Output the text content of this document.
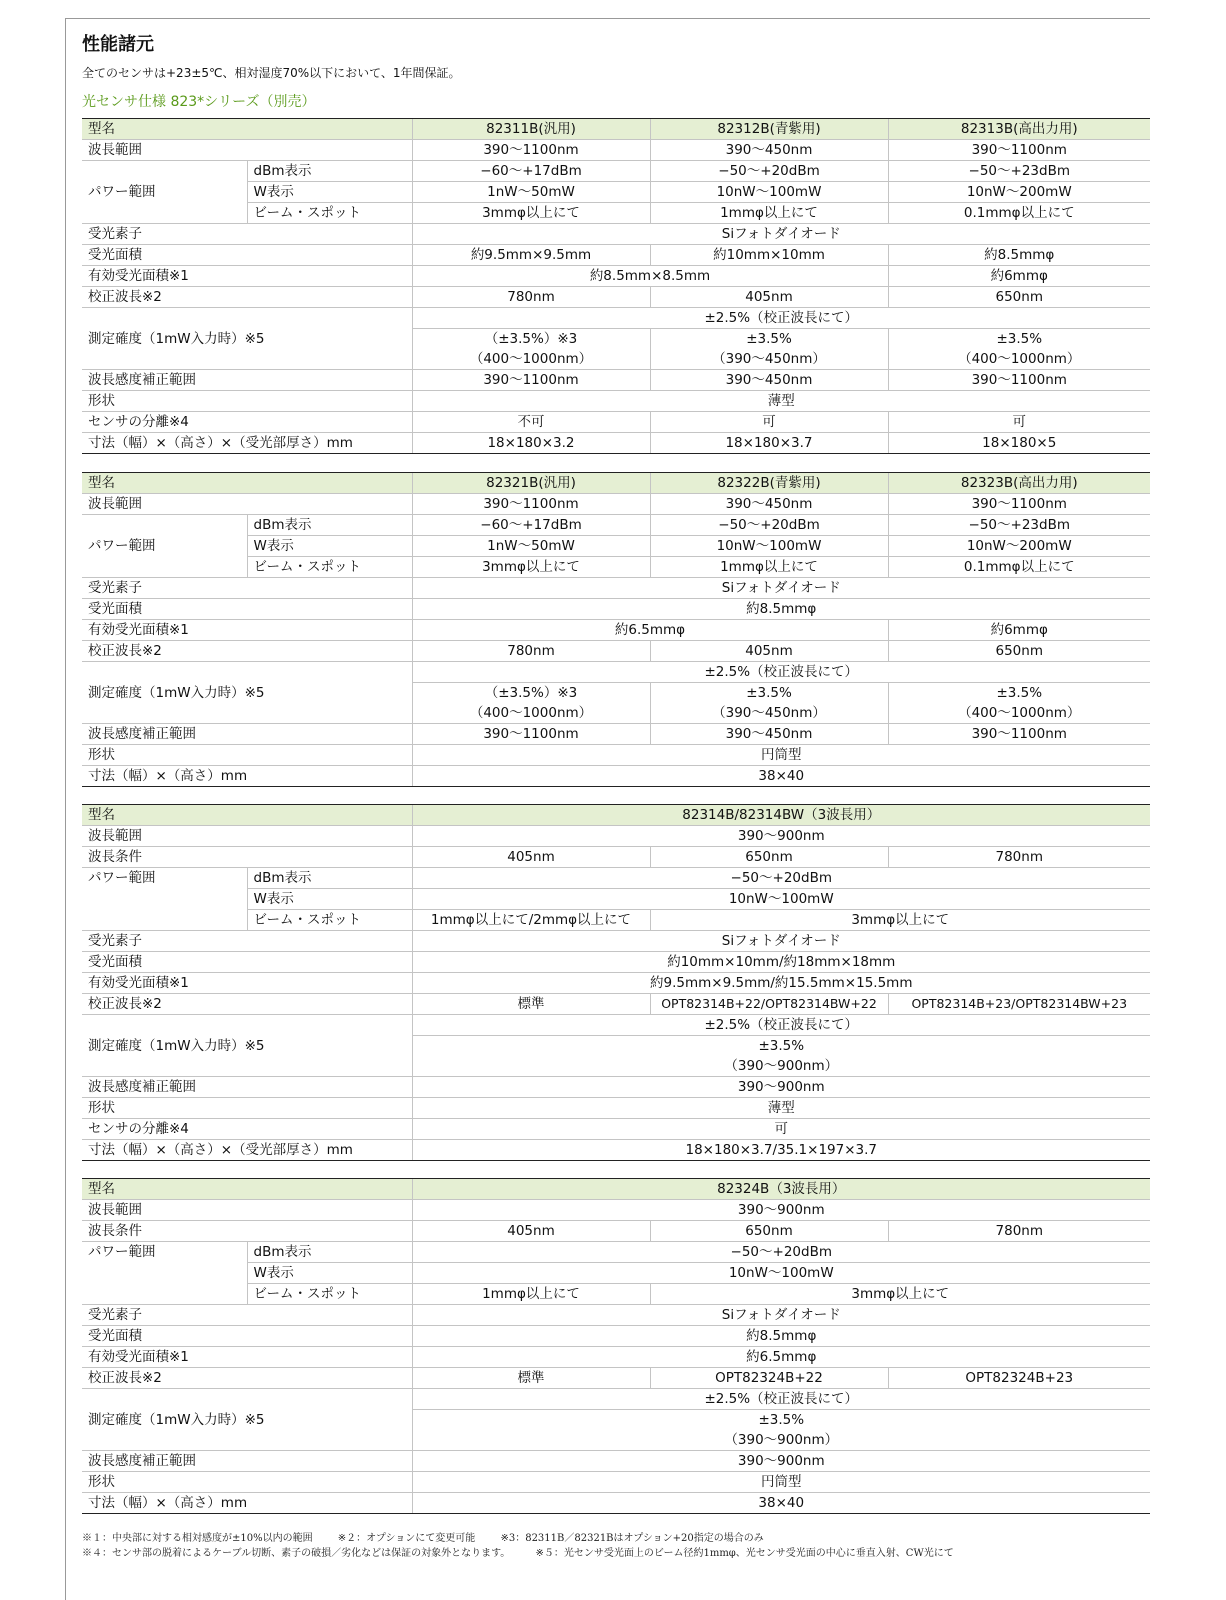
性能諸元

全てのセンサは+23±5℃、相対湿度70%以下において、1年間保証。

光センサ仕様 823*シリーズ（別売）

型名		82311B(汎用)	82312B(青紫用)	82313B(高出力用)
波長範囲		390〜1100nm	390〜450nm	390〜1100nm
パワー範囲	dBm表示	−60〜+17dBm	−50〜+20dBm	−50〜+23dBm
	W表示	1nW〜50mW	10nW〜100mW	10nW〜200mW
	ビーム・スポット	3mmφ以上にて	1mmφ以上にて	0.1mmφ以上にて
受光素子		Siフォトダイオード		
受光面積		約9.5mm×9.5mm	約10mm×10mm	約8.5mmφ
有効受光面積※1		約8.5mm×8.5mm		約6mmφ
校正波長※2		780nm	405nm	650nm
測定確度（1mW入力時）※5		±2.5%（校正波長にて）		
		（±3.5%）※3	±3.5%	±3.5%
		（400〜1000nm）	（390〜450nm）	（400〜1000nm）
波長感度補正範囲		390〜1100nm	390〜450nm	390〜1100nm
形状		薄型		
センサの分離※4		不可	可	可
寸法（幅）×（高さ）×（受光部厚さ）mm		18×180×3.2	18×180×3.7	18×180×5
型名		82321B(汎用)	82322B(青紫用)	82323B(高出力用)
波長範囲		390〜1100nm	390〜450nm	390〜1100nm
パワー範囲	dBm表示	−60〜+17dBm	−50〜+20dBm	−50〜+23dBm
	W表示	1nW〜50mW	10nW〜100mW	10nW〜200mW
	ビーム・スポット	3mmφ以上にて	1mmφ以上にて	0.1mmφ以上にて
受光素子		Siフォトダイオード		
受光面積		約8.5mmφ		
有効受光面積※1		約6.5mmφ		約6mmφ
校正波長※2		780nm	405nm	650nm
測定確度（1mW入力時）※5		±2.5%（校正波長にて）		
		（±3.5%）※3	±3.5%	±3.5%
		（400〜1000nm）	（390〜450nm）	（400〜1000nm）
波長感度補正範囲		390〜1100nm	390〜450nm	390〜1100nm
形状		円筒型		
寸法（幅）×（高さ）mm		38×40		
型名		82314B/82314BW（3波長用）		
波長範囲		390〜900nm		
波長条件		405nm	650nm	780nm
パワー範囲	dBm表示	−50〜+20dBm		
	W表示	10nW〜100mW		
	ビーム・スポット	1mmφ以上にて/2mmφ以上にて	3mmφ以上にて	
受光素子		Siフォトダイオード		
受光面積		約10mm×10mm/約18mm×18mm		
有効受光面積※1		約9.5mm×9.5mm/約15.5mm×15.5mm		
校正波長※2		標準	OPT82314B+22/OPT82314BW+22	OPT82314B+23/OPT82314BW+23
測定確度（1mW入力時）※5		±2.5%（校正波長にて）		
		±3.5%		
		（390〜900nm）		
波長感度補正範囲		390〜900nm		
形状		薄型		
センサの分離※4		可		
寸法（幅）×（高さ）×（受光部厚さ）mm		18×180×3.7/35.1×197×3.7		
型名		82324B（3波長用）		
波長範囲		390〜900nm		
波長条件		405nm	650nm	780nm
パワー範囲	dBm表示	−50〜+20dBm		
	W表示	10nW〜100mW		
	ビーム・スポット	1mmφ以上にて	3mmφ以上にて	
受光素子		Siフォトダイオード		
受光面積		約8.5mmφ		
有効受光面積※1		約6.5mmφ		
校正波長※2		標準	OPT82324B+22	OPT82324B+23
測定確度（1mW入力時）※5		±2.5%（校正波長にて）		
		±3.5%		
		（390〜900nm）		
波長感度補正範囲		390〜900nm		
形状		円筒型		
寸法（幅）×（高さ）mm		38×40		
※１：中央部に対する相対感度が±10%以内の範囲	※２：オプションにて変更可能	※3：82311B／82321Bはオプション+20指定の場合のみ
※４：センサ部の脱着によるケーブル切断、素子の破損／劣化などは保証の対象外となります。	※５：光センサ受光面上のビーム径約1mmφ、光センサ受光面の中心に垂直入射、CW光にて
